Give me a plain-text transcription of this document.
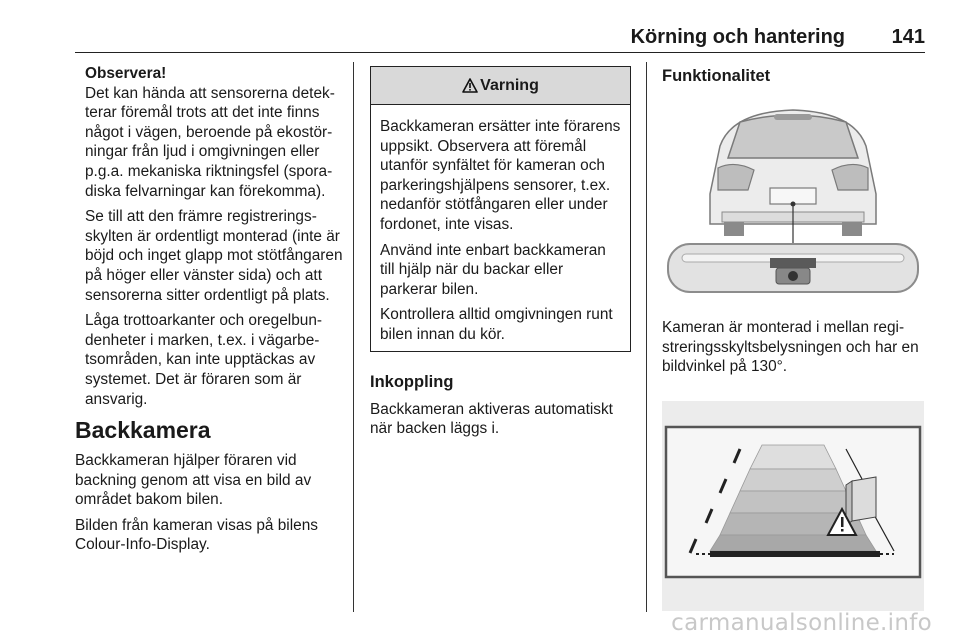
Körning och hantering 141

Observera!
Det kan hända att sensorerna detekterar föremål trots att det inte finns något i vägen, beroende på ekostörningar från ljud i omgivningen eller p.g.a. mekaniska riktningsfel (sporadiska felvarningar kan förekomma).

Se till att den främre registreringsskylten är ordentligt monterad (inte är böjd och inget glapp mot stötfångaren på höger eller vänster sida) och att sensorerna sitter ordentligt på plats.

Låga trottoarkanter och oregelbundenheter i marken, t.ex. i vägarbetsområden, kan inte upptäckas av systemet. Det är föraren som är ansvarig.

Backkamera

Backkameran hjälper föraren vid backning genom att visa en bild av området bakom bilen.

Bilden från kameran visas på bilens Colour-Info-Display.

Varning

Backkameran ersätter inte förarens uppsikt. Observera att föremål utanför synfältet för kameran och parkeringshjälpens sensorer, t.ex. nedanför stötfångaren eller under fordonet, inte visas.

Använd inte enbart backkameran till hjälp när du backar eller parkerar bilen.

Kontrollera alltid omgivningen runt bilen innan du kör.

Inkoppling

Backkameran aktiveras automatiskt när backen läggs i.

Funktionalitet

Kameran är monterad i mellan registreringsskyltsbelysningen och har en bildvinkel på 130°.

carmanualsonline.info
